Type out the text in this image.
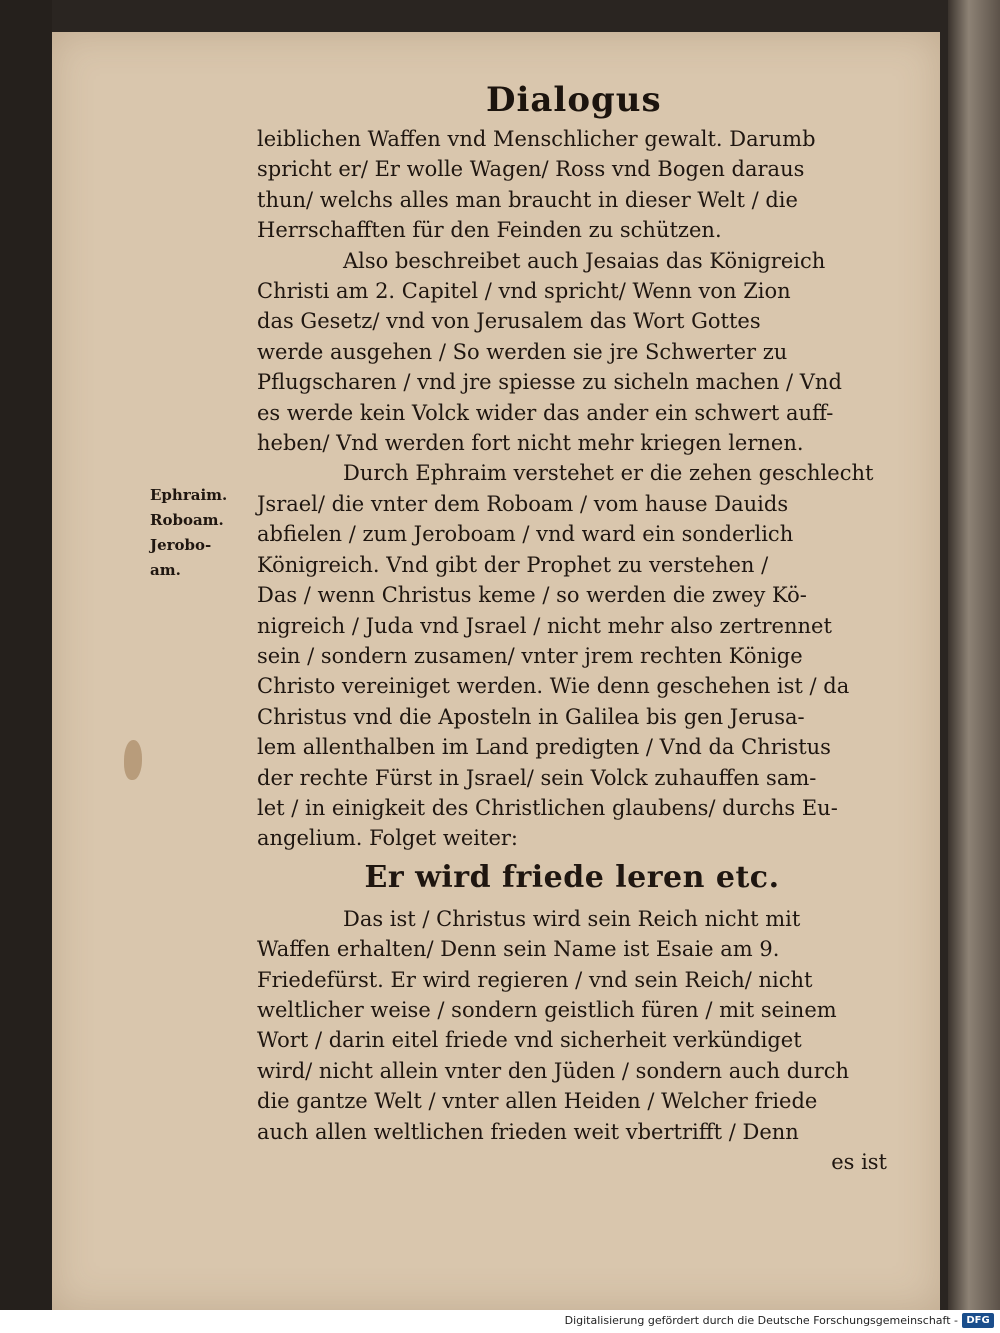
Dialogus
Ephraim.
Roboam.
Jerobo-
am.
leiblichen Waffen vnd Menschlicher gewalt. Darumb
spricht er/ Er wolle Wagen/ Ross vnd Bogen daraus
thun/ welchs alles man braucht in dieser Welt / die
Herrschafften für den Feinden zu schützen.
Also beschreibet auch Jesaias das Königreich
Christi am 2. Capitel / vnd spricht/ Wenn von Zion
das Gesetz/ vnd von Jerusalem das Wort Gottes
werde ausgehen / So werden sie jre Schwerter zu
Pflugscharen / vnd jre spiesse zu sicheln machen / Vnd
es werde kein Volck wider das ander ein schwert auff-
heben/ Vnd werden fort nicht mehr kriegen lernen.
Durch Ephraim verstehet er die zehen geschlecht
Jsrael/ die vnter dem Roboam / vom hause Dauids
abfielen / zum Jeroboam / vnd ward ein sonderlich
Königreich. Vnd gibt der Prophet zu verstehen /
Das / wenn Christus keme / so werden die zwey Kö-
nigreich / Juda vnd Jsrael / nicht mehr also zertrennet
sein / sondern zusamen/ vnter jrem rechten Könige
Christo vereiniget werden. Wie denn geschehen ist / da
Christus vnd die Aposteln in Galilea bis gen Jerusa-
lem allenthalben im Land predigten / Vnd da Christus
der rechte Fürst in Jsrael/ sein Volck zuhauffen sam-
let / in einigkeit des Christlichen glaubens/ durchs Eu-
angelium. Folget weiter:
Er wird friede leren etc.
Das ist / Christus wird sein Reich nicht mit
Waffen erhalten/ Denn sein Name ist Esaie am 9.
Friedefürst. Er wird regieren / vnd sein Reich/ nicht
weltlicher weise / sondern geistlich füren / mit seinem
Wort / darin eitel friede vnd sicherheit verkündiget
wird/ nicht allein vnter den Jüden / sondern auch durch
die gantze Welt / vnter allen Heiden / Welcher friede
auch allen weltlichen frieden weit vbertrifft / Denn
es ist
Digitalisierung gefördert durch die Deutsche Forschungsgemeinschaft - DFG
